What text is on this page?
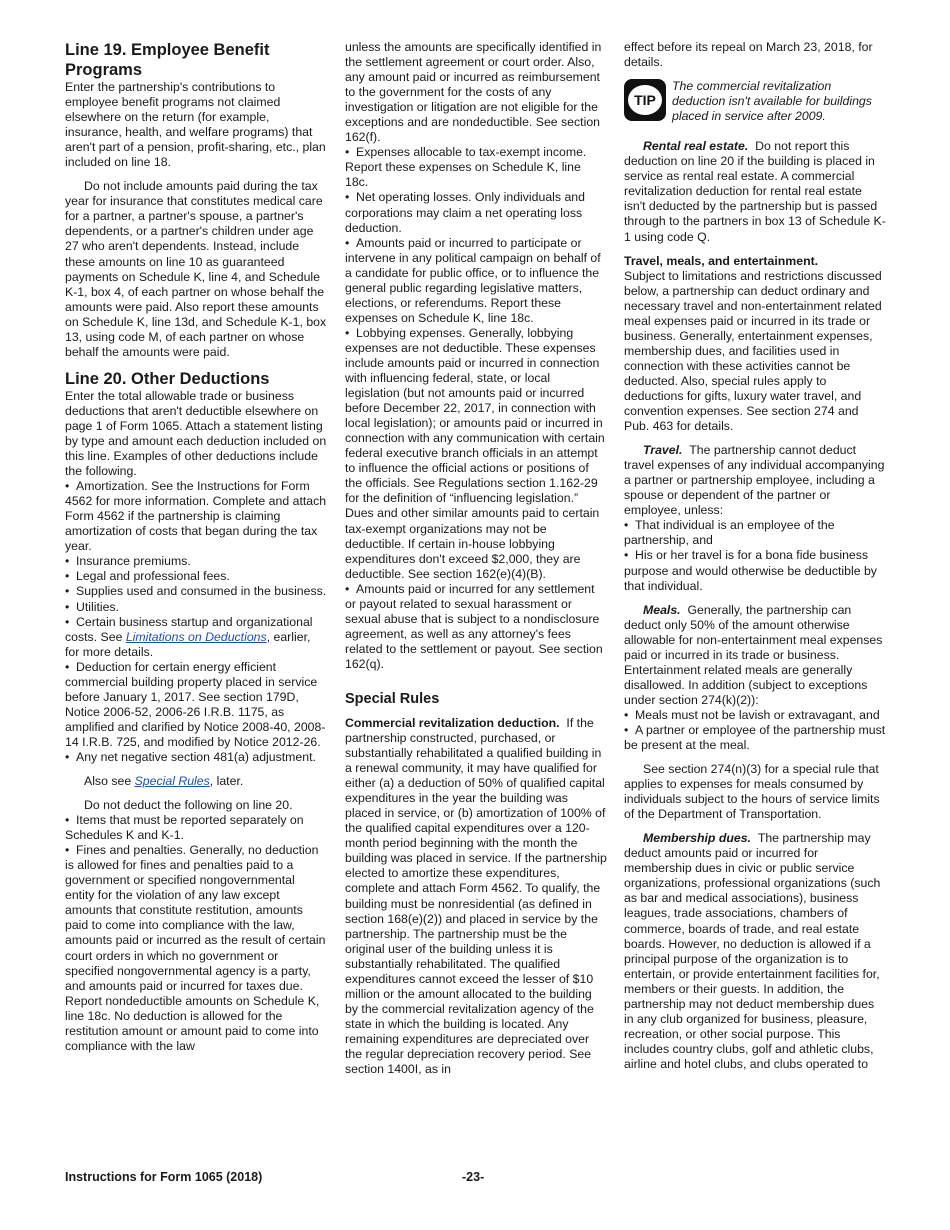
Line 19. Employee Benefit Programs

Enter the partnership's contributions to employee benefit programs not claimed elsewhere on the return (for example, insurance, health, and welfare programs) that aren't part of a pension, profit-sharing, etc., plan included on line 18.

Do not include amounts paid during the tax year for insurance that constitutes medical care for a partner, a partner's spouse, a partner's dependents, or a partner's children under age 27 who aren't dependents. Instead, include these amounts on line 10 as guaranteed payments on Schedule K, line 4, and Schedule K-1, box 4, of each partner on whose behalf the amounts were paid. Also report these amounts on Schedule K, line 13d, and Schedule K-1, box 13, using code M, of each partner on whose behalf the amounts were paid.

Line 20. Other Deductions

Enter the total allowable trade or business deductions that aren't deductible elsewhere on page 1 of Form 1065. Attach a statement listing by type and amount each deduction included on this line. Examples of other deductions include the following.

• Amortization. See the Instructions for Form 4562 for more information. Complete and attach Form 4562 if the partnership is claiming amortization of costs that began during the tax year.

• Insurance premiums.

• Legal and professional fees.

• Supplies used and consumed in the business.

• Utilities.

• Certain business startup and organizational costs. See Limitations on Deductions, earlier, for more details.

• Deduction for certain energy efficient commercial building property placed in service before January 1, 2017. See section 179D, Notice 2006-52, 2006-26 I.R.B. 1175, as amplified and clarified by Notice 2008-40, 2008-14 I.R.B. 725, and modified by Notice 2012-26.

• Any net negative section 481(a) adjustment.

Also see Special Rules, later.

Do not deduct the following on line 20.

• Items that must be reported separately on Schedules K and K-1.

• Fines and penalties. Generally, no deduction is allowed for fines and penalties paid to a government or specified nongovernmental entity for the violation of any law except amounts that constitute restitution, amounts paid to come into compliance with the law, amounts paid or incurred as the result of certain court orders in which no government or specified nongovernmental agency is a party, and amounts paid or incurred for taxes due. Report nondeductible amounts on Schedule K, line 18c. No deduction is allowed for the restitution amount or amount paid to come into compliance with the law

unless the amounts are specifically identified in the settlement agreement or court order. Also, any amount paid or incurred as reimbursement to the government for the costs of any investigation or litigation are not eligible for the exceptions and are nondeductible. See section 162(f).

• Expenses allocable to tax-exempt income. Report these expenses on Schedule K, line 18c.

• Net operating losses. Only individuals and corporations may claim a net operating loss deduction.

• Amounts paid or incurred to participate or intervene in any political campaign on behalf of a candidate for public office, or to influence the general public regarding legislative matters, elections, or referendums. Report these expenses on Schedule K, line 18c.

• Lobbying expenses. Generally, lobbying expenses are not deductible. These expenses include amounts paid or incurred in connection with influencing federal, state, or local legislation (but not amounts paid or incurred before December 22, 2017, in connection with local legislation); or amounts paid or incurred in connection with any communication with certain federal executive branch officials in an attempt to influence the official actions or positions of the officials. See Regulations section 1.162-29 for the definition of “influencing legislation.” Dues and other similar amounts paid to certain tax-exempt organizations may not be deductible. If certain in-house lobbying expenditures don't exceed $2,000, they are deductible. See section 162(e)(4)(B).

• Amounts paid or incurred for any settlement or payout related to sexual harassment or sexual abuse that is subject to a nondisclosure agreement, as well as any attorney's fees related to the settlement or payout. See section 162(q).

Special Rules

Commercial revitalization deduction. If the partnership constructed, purchased, or substantially rehabilitated a qualified building in a renewal community, it may have qualified for either (a) a deduction of 50% of qualified capital expenditures in the year the building was placed in service, or (b) amortization of 100% of the qualified capital expenditures over a 120-month period beginning with the month the building was placed in service. If the partnership elected to amortize these expenditures, complete and attach Form 4562. To qualify, the building must be nonresidential (as defined in section 168(e)(2)) and placed in service by the partnership. The partnership must be the original user of the building unless it is substantially rehabilitated. The qualified expenditures cannot exceed the lesser of $10 million or the amount allocated to the building by the commercial revitalization agency of the state in which the building is located. Any remaining expenditures are depreciated over the regular depreciation recovery period. See section 1400I, as in

effect before its repeal on March 23, 2018, for details.

TIP
The commercial revitalization deduction isn't available for buildings placed in service after 2009.

Rental real estate. Do not report this deduction on line 20 if the building is placed in service as rental real estate. A commercial revitalization deduction for rental real estate isn't deducted by the partnership but is passed through to the partners in box 13 of Schedule K-1 using code Q.

Travel, meals, and entertainment.
Subject to limitations and restrictions discussed below, a partnership can deduct ordinary and necessary travel and non-entertainment related meal expenses paid or incurred in its trade or business. Generally, entertainment expenses, membership dues, and facilities used in connection with these activities cannot be deducted. Also, special rules apply to deductions for gifts, luxury water travel, and convention expenses. See section 274 and Pub. 463 for details.

Travel. The partnership cannot deduct travel expenses of any individual accompanying a partner or partnership employee, including a spouse or dependent of the partner or employee, unless:

• That individual is an employee of the partnership, and

• His or her travel is for a bona fide business purpose and would otherwise be deductible by that individual.

Meals. Generally, the partnership can deduct only 50% of the amount otherwise allowable for non-entertainment meal expenses paid or incurred in its trade or business. Entertainment related meals are generally disallowed. In addition (subject to exceptions under section 274(k)(2)):

• Meals must not be lavish or extravagant, and

• A partner or employee of the partnership must be present at the meal.

See section 274(n)(3) for a special rule that applies to expenses for meals consumed by individuals subject to the hours of service limits of the Department of Transportation.

Membership dues. The partnership may deduct amounts paid or incurred for membership dues in civic or public service organizations, professional organizations (such as bar and medical associations), business leagues, trade associations, chambers of commerce, boards of trade, and real estate boards. However, no deduction is allowed if a principal purpose of the organization is to entertain, or provide entertainment facilities for, members or their guests. In addition, the partnership may not deduct membership dues in any club organized for business, pleasure, recreation, or other social purpose. This includes country clubs, golf and athletic clubs, airline and hotel clubs, and clubs operated to

Instructions for Form 1065 (2018)	-23-
